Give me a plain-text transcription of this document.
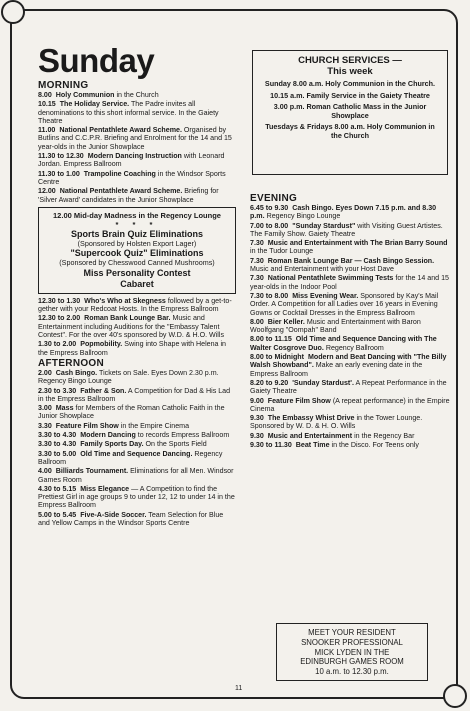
Sunday
MORNING
8.00 Holy Communion in the Church
10.15 The Holiday Service. The Padre invites all denominations to this short informal service. In the Gaiety Theatre
11.00 National Pentathlete Award Scheme. Organised by Butlins and C.C.P.R. Briefing and Enrolment for the 14 and 15 year-olds in the Junior Showplace
11.30 to 12.30 Modern Dancing Instruction with Leonard Jordan. Empress Ballroom
11.30 to 1.00 Trampoline Coaching in the Windsor Sports Centre
12.00 National Pentathlete Award Scheme. Briefing for 'Silver Award' candidates in the Junior Showplace
12.00 Mid-day Madness in the Regency Lounge
* * *
Sports Brain Quiz Eliminations
(Sponsored by Holsten Export Lager)
"Supercook Quiz" Eliminations
(Sponsored by Chesswood Canned Mushrooms)
Miss Personality Contest
Cabaret
12.30 to 1.30 Who's Who at Skegness followed by a get-to-gether with your Redcoat Hosts. In the Empress Ballroom
12.30 to 2.00 Roman Bank Lounge Bar. Music and Entertainment including Auditions for the "Embassy Talent Contest". For the over 40's sponsored by W.D. & H.O. Wills
1.30 to 2.00 Popmobility. Swing into Shape with Helena in the Empress Ballroom
AFTERNOON
2.00 Cash Bingo. Tickets on Sale. Eyes Down 2.30 p.m. Regency Bingo Lounge
2.30 to 3.30 Father & Son. A Competition for Dad & His Lad in the Empress Ballroom
3.00 Mass for Members of the Roman Catholic Faith in the Junior Showplace
3.30 Feature Film Show in the Empire Cinema
3.30 to 4.30 Modern Dancing to records Empress Ballroom
3.30 to 4.30 Family Sports Day. On the Sports Field
3.30 to 5.00 Old Time and Sequence Dancing. Regency Ballroom
4.00 Billiards Tournament. Eliminations for all Men. Windsor Games Room
4.30 to 5.15 Miss Elegance — A Competition to find the Prettiest Girl in age groups 9 to under 12, 12 to under 14 in the Empress Ballroom
5.00 to 5.45 Five-A-Side Soccer. Team Selection for Blue and Yellow Camps in the Windsor Sports Centre
CHURCH SERVICES —
This week
Sunday 8.00 a.m. Holy Communion in the Church.
10.15 a.m. Family Service in the Gaiety Theatre
3.00 p.m. Roman Catholic Mass in the Junior Showplace
Tuesdays & Fridays 8.00 a.m. Holy Communion in the Church
EVENING
6.45 to 9.30 Cash Bingo. Eyes Down 7.15 p.m. and 8.30 p.m. Regency Bingo Lounge
7.00 to 8.00 "Sunday Stardust" with Visiting Guest Artistes. The Family Show. Gaiety Theatre
7.30 Music and Entertainment with The Brian Barry Sound in the Tudor Lounge
7.30 Roman Bank Lounge Bar — Cash Bingo Session. Music and Entertainment with your Host Dave
7.30 National Pentathlete Swimming Tests for the 14 and 15 year-olds in the Indoor Pool
7.30 to 8.00 Miss Evening Wear. Sponsored by Kay's Mail Order. A Competition for all Ladies over 16 years in Evening Gowns or Cocktail Dresses in the Empress Ballroom
8.00 Bier Keller. Music and Entertainment with Baron Woolfgang "Oompah" Band
8.00 to 11.15 Old Time and Sequence Dancing with The Walter Cosgrove Duo. Regency Ballroom
8.00 to Midnight Modern and Beat Dancing with "The Billy Walsh Showband". Make an early evening date in the Empress Ballroom
8.20 to 9.20 'Sunday Stardust'. A Repeat Performance in the Gaiety Theatre
9.00 Feature Film Show (A repeat performance) in the Empire Cinema
9.30 The Embassy Whist Drive in the Tower Lounge. Sponsored by W. D. & H. O. Wills
9.30 Music and Entertainment in the Regency Bar
9.30 to 11.30 Beat Time in the Disco. For Teens only
MEET YOUR RESIDENT
SNOOKER PROFESSIONAL
MICK LYDEN IN THE
EDINBURGH GAMES ROOM
10 a.m. to 12.30 p.m.
11
